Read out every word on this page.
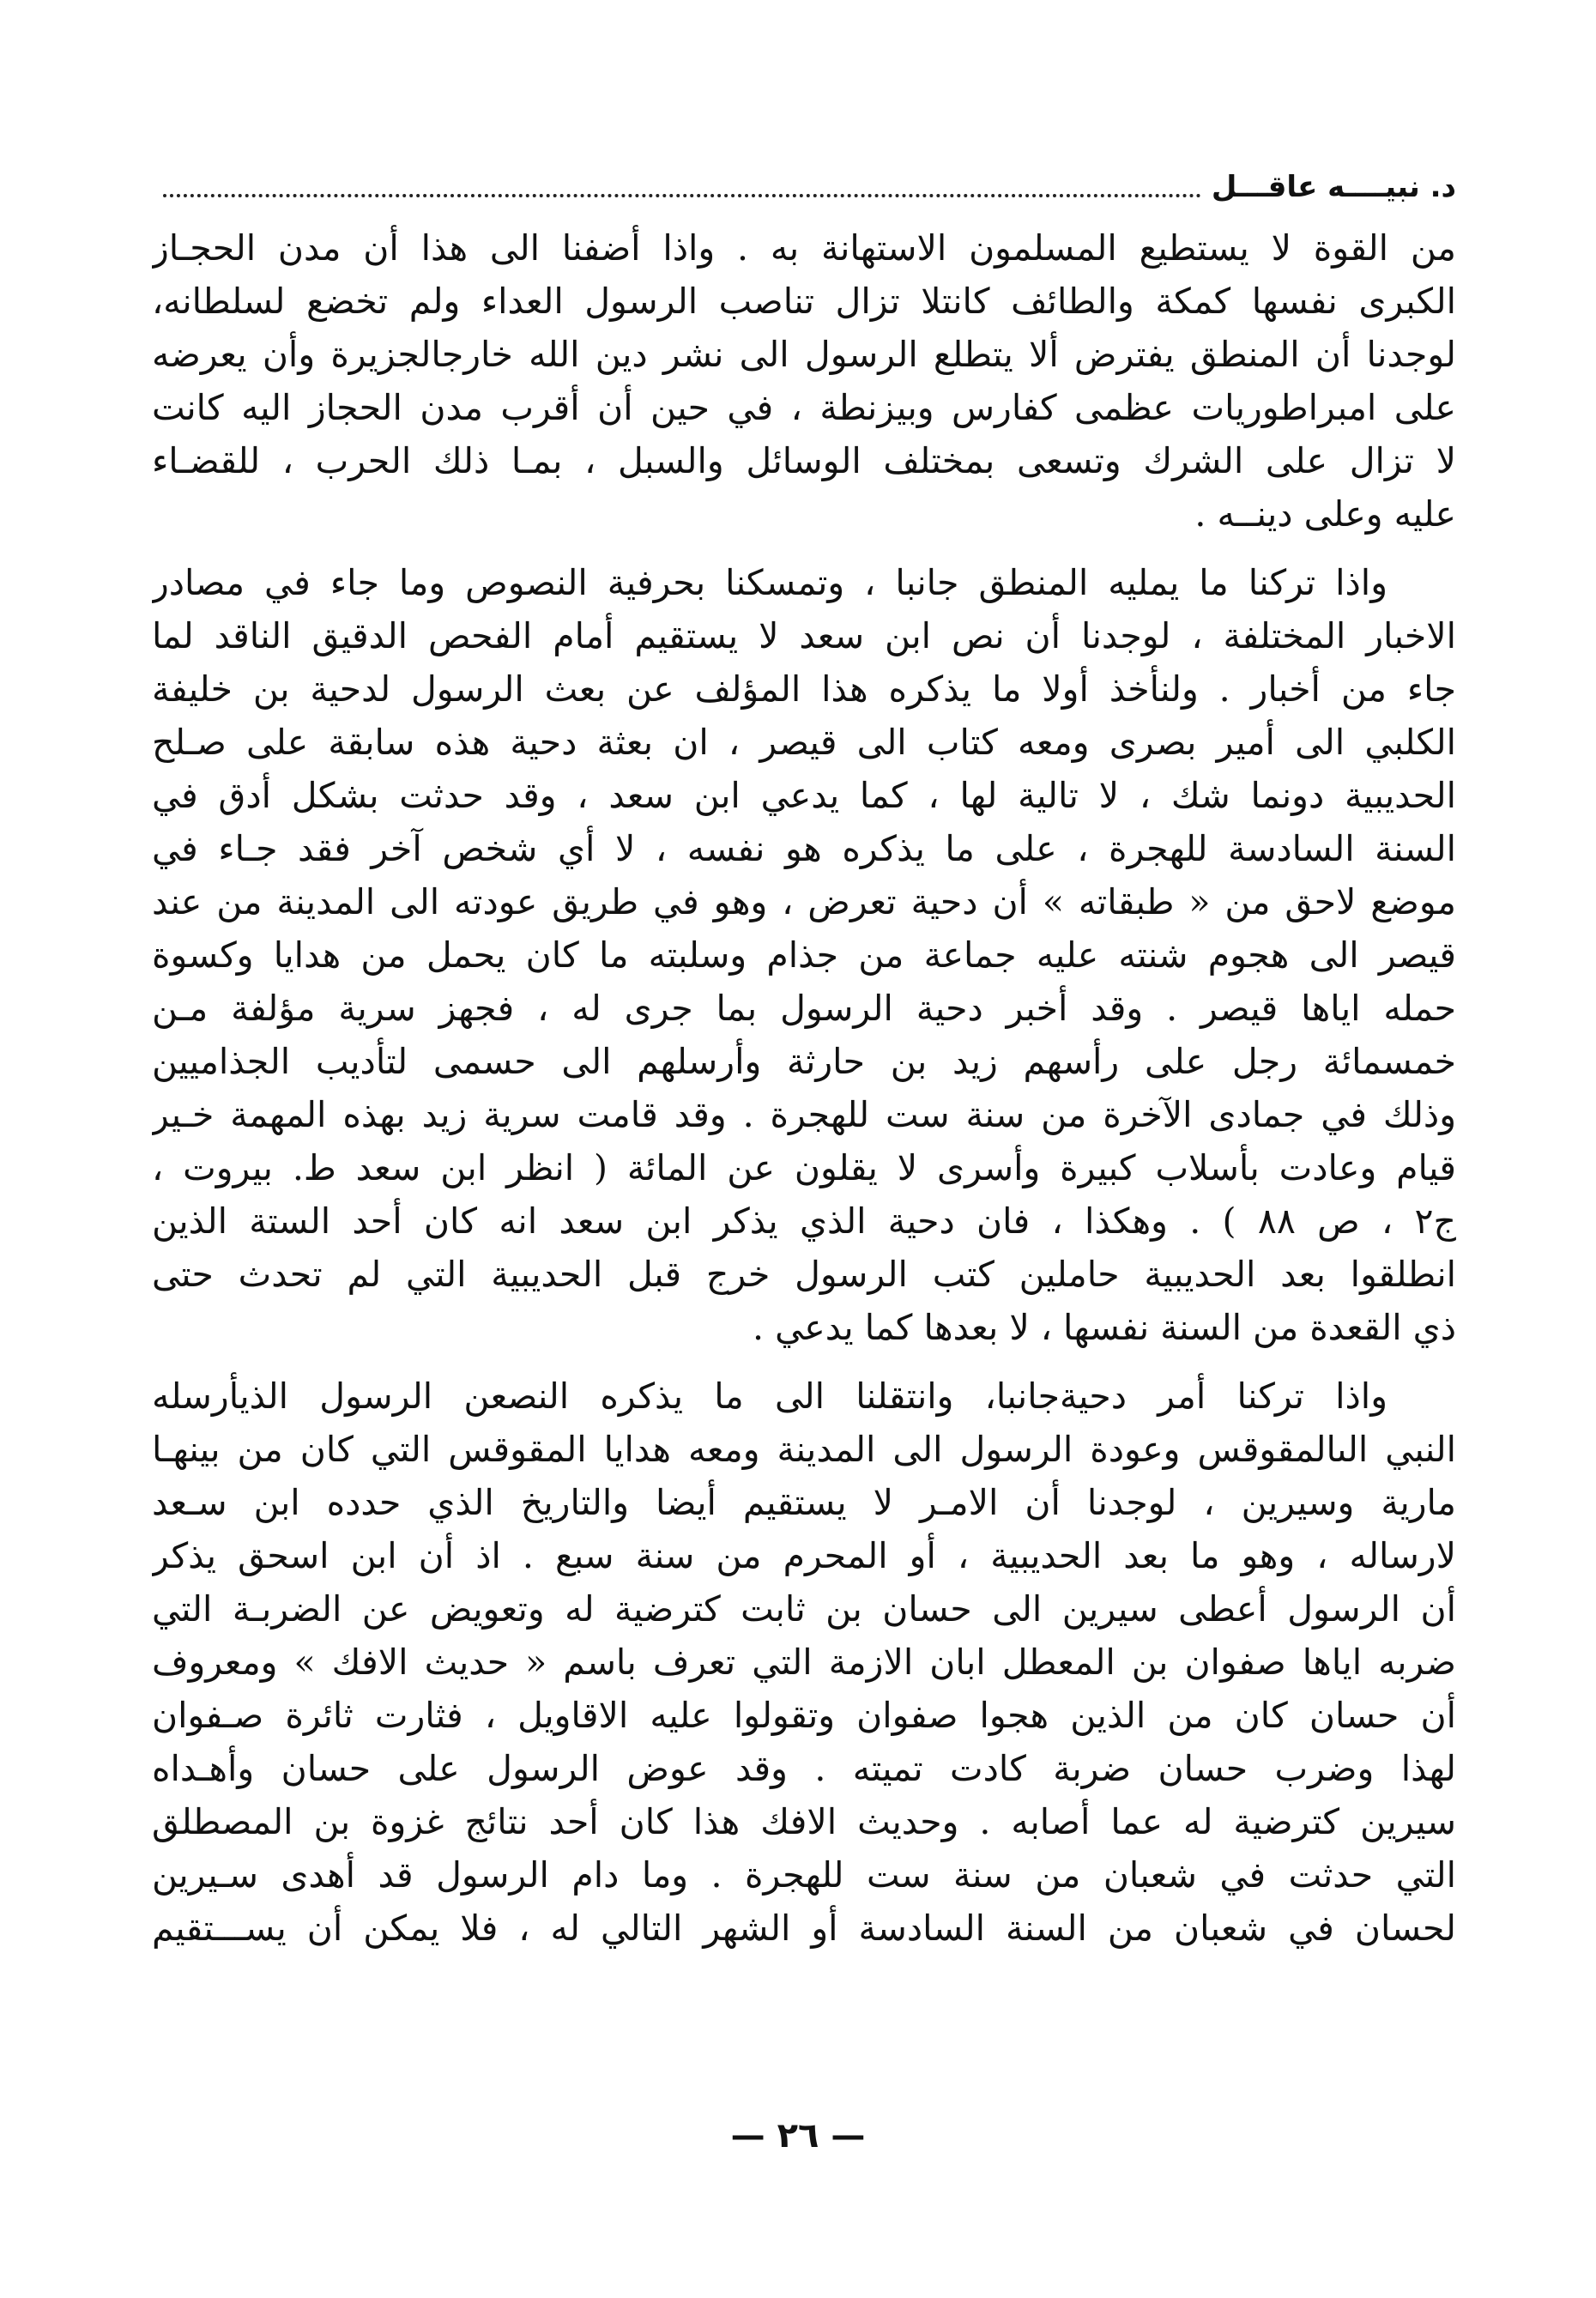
د. نبيــــه عاقـــل
من القوة لا يستطيع المسلمون الاستهانة به . واذا أضفنا الى هذا أن مدن الحجـاز
الكبرى نفسها كمكة والطائف كانتلا تزال تناصب الرسول العداء ولم تخضع لسلطانه،
لوجدنا أن المنطق يفترض ألا يتطلع الرسول الى نشر دين الله خارجالجزيرة وأن يعرضه
على امبراطوريات عظمى كفارس وبيزنطة ، في حين أن أقرب مدن الحجاز اليه كانت
لا تزال على الشرك وتسعى بمختلف الوسائل والسبل ، بمـا ذلك الحرب ، للقضـاء
عليه وعلى دينــه .
واذا تركنا ما يمليه المنطق جانبا ، وتمسكنا بحرفية النصوص وما جاء في مصادر
الاخبار المختلفة ، لوجدنا أن نص ابن سعد لا يستقيم أمام الفحص الدقيق الناقد لما
جاء من أخبار . ولنأخذ أولا ما يذكره هذا المؤلف عن بعث الرسول لدحية بن خليفة
الكلبي الى أمير بصرى ومعه كتاب الى قيصر ، ان بعثة دحية هذه سابقة على صـلح
الحديبية دونما شك ، لا تالية لها ، كما يدعي ابن سعد ، وقد حدثت بشكل أدق في
السنة السادسة للهجرة ، على ما يذكره هو نفسه ، لا أي شخص آخر فقد جـاء في
موضع لاحق من « طبقاته » أن دحية تعرض ، وهو في طريق عودته الى المدينة من عند
قيصر الى هجوم شنته عليه جماعة من جذام وسلبته ما كان يحمل من هدايا وكسوة
حمله اياها قيصر . وقد أخبر دحية الرسول بما جرى له ، فجهز سرية مؤلفة مـن
خمسمائة رجل على رأسهم زيد بن حارثة وأرسلهم الى حسمى لتأديب الجذاميين
وذلك في جمادى الآخرة من سنة ست للهجرة . وقد قامت سرية زيد بهذه المهمة خـير
قيام وعادت بأسلاب كبيرة وأسرى لا يقلون عن المائة ( انظر ابن سعد ط. بيروت ،
ج٢ ، ص ٨٨ ) . وهكذا ، فان دحية الذي يذكر ابن سعد انه كان أحد الستة الذين
انطلقوا بعد الحديبية حاملين كتب الرسول خرج قبل الحديبية التي لم تحدث حتى
ذي القعدة من السنة نفسها ، لا بعدها كما يدعي .
واذا تركنا أمر دحيةجانبا، وانتقلنا الى ما يذكره النصعن الرسول الذيأرسله
النبي الىالمقوقس وعودة الرسول الى المدينة ومعه هدايا المقوقس التي كان من بينهـا
مارية وسيرين ، لوجدنا أن الامـر لا يستقيم أيضا والتاريخ الذي حدده ابن سـعد
لارساله ، وهو ما بعد الحديبية ، أو المحرم من سنة سبع . اذ أن ابن اسحق يذكر
أن الرسول أعطى سيرين الى حسان بن ثابت كترضية له وتعويض عن الضربـة التي
ضربه اياها صفوان بن المعطل ابان الازمة التي تعرف باسم « حديث الافك » ومعروف
أن حسان كان من الذين هجوا صفوان وتقولوا عليه الاقاويل ، فثارت ثائرة صـفوان
لهذا وضرب حسان ضربة كادت تميته . وقد عوض الرسول على حسان وأهـداه
سيرين كترضية له عما أصابه . وحديث الافك هذا كان أحد نتائج غزوة بن المصطلق
التي حدثت في شعبان من سنة ست للهجرة . وما دام الرسول قد أهدى سـيرين
لحسان في شعبان من السنة السادسة أو الشهر التالي له ، فلا يمكن أن يســـتقيم
— ٢٦ —
